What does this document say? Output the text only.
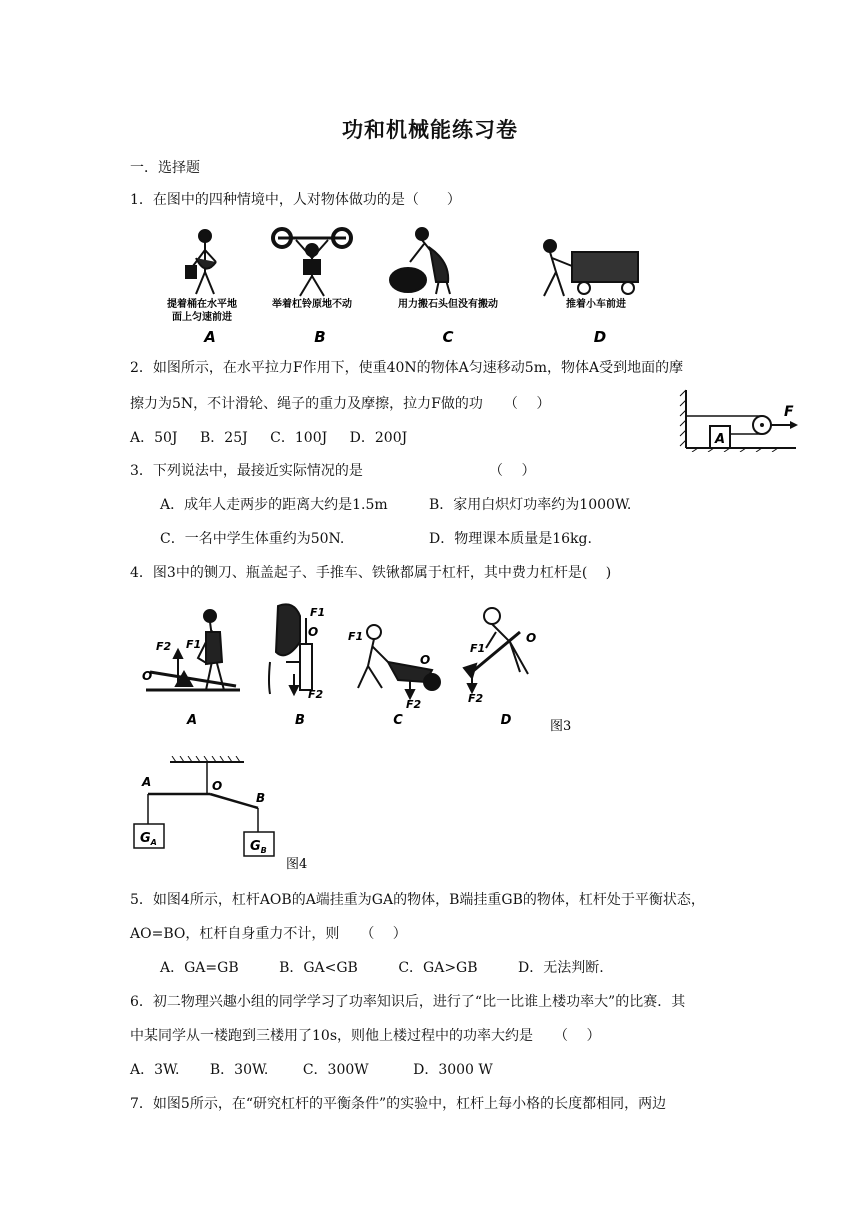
功和机械能练习卷
一．选择题
1．在图中的四种情境中，人对物体做功的是（　　）
提着桶在水平地
面上匀速前进
举着杠铃原地不动	用力搬石头但没有搬动	推着小车前进
A	B	C	D
2．如图所示，在水平拉力F作用下，使重40N的物体A匀速移动5m，物体A受到地面的摩
擦力为5N，不计滑轮、绳子的重力及摩擦，拉力F做的功　　（　 ）
A．50J B．25J C．100J D．200J	A
F
3．下列说法中，最接近实际情况的是	（　 ）
A．成年人走两步的距离大约是1.5m	B．家用白炽灯功率约为1000W.
C．一名中学生体重约为50N.	D．物理课本质量是16kg.
4．图3中的铡刀、瓶盖起子、手推车、铁锹都属于杠杆，其中费力杠杆是(　 )
O
F2 F1
F1
O
F2
F1
O
F2
F1
O
F2
A	B	C	D	图3
$G_A$	$G_B$
A	O
B
图4
5．如图4所示，杠杆AOB的A端挂重为GA的物体，B端挂重GB的物体，杠杆处于平衡状态，
AO=BO，杠杆自身重力不计，则　　（　 ）
A．GA=GB	B．GA<GB	C．GA>GB	D．无法判断.
6．初二物理兴趣小组的同学学习了功率知识后，进行了“比一比谁上楼功率大”的比赛．其
中某同学从一楼跑到三楼用了10s，则他上楼过程中的功率大约是　　（　 ）
A．3W. B．30W. C．300W	D．3000 W
7．如图5所示，在“研究杠杆的平衡条件”的实验中，杠杆上每小格的长度都相同，两边
